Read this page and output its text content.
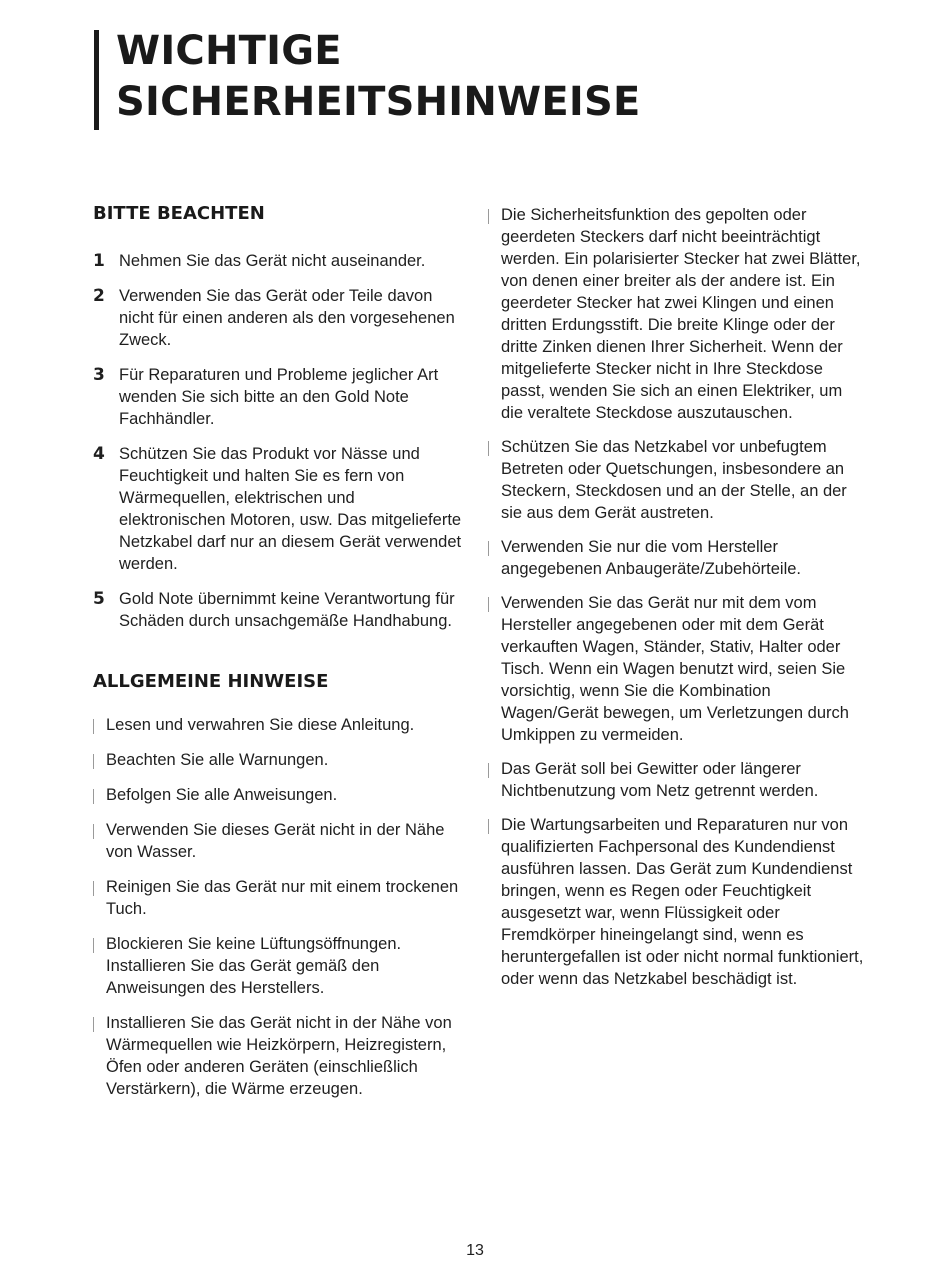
WICHTIGE
SICHERHEITSHINWEISE
BITTE BEACHTEN
1 Nehmen Sie das Gerät nicht auseinander.
2 Verwenden Sie das Gerät oder Teile davon nicht für einen anderen als den vorgesehenen Zweck.
3 Für Reparaturen und Probleme jeglicher Art wenden Sie sich bitte an den Gold Note Fachhändler.
4 Schützen Sie das Produkt vor Nässe und Feuchtigkeit und halten Sie es fern von Wärmequellen, elektrischen und elektronischen Motoren, usw. Das mitgelieferte Netzkabel darf nur an diesem Gerät verwendet werden.
5 Gold Note übernimmt keine Verantwortung für Schäden durch unsachgemäße Handhabung.
ALLGEMEINE HINWEISE
Lesen und verwahren Sie diese Anleitung.
Beachten Sie alle Warnungen.
Befolgen Sie alle Anweisungen.
Verwenden Sie dieses Gerät nicht in der Nähe von Wasser.
Reinigen Sie das Gerät nur mit einem trockenen Tuch.
Blockieren Sie keine Lüftungsöffnungen. Installieren Sie das Gerät gemäß den Anweisungen des Herstellers.
Installieren Sie das Gerät nicht in der Nähe von Wärmequellen wie Heizkörpern, Heizregistern, Öfen oder anderen Geräten (einschließlich Verstärkern), die Wärme erzeugen.
Die Sicherheitsfunktion des gepolten oder geerdeten Steckers darf nicht beeinträchtigt werden. Ein polarisierter Stecker hat zwei Blätter, von denen einer breiter als der andere ist. Ein geerdeter Stecker hat zwei Klingen und einen dritten Erdungsstift. Die breite Klinge oder der dritte Zinken dienen Ihrer Sicherheit. Wenn der mitgelieferte Stecker nicht in Ihre Steckdose passt, wenden Sie sich an einen Elektriker, um die veraltete Steckdose auszutauschen.
Schützen Sie das Netzkabel vor unbefugtem Betreten oder Quetschungen, insbesondere an Steckern, Steckdosen und an der Stelle, an der sie aus dem Gerät austreten.
Verwenden Sie nur die vom Hersteller angegebenen Anbaugeräte/Zubehörteile.
Verwenden Sie das Gerät nur mit dem vom Hersteller angegebenen oder mit dem Gerät verkauften Wagen, Ständer, Stativ, Halter oder Tisch. Wenn ein Wagen benutzt wird, seien Sie vorsichtig, wenn Sie die Kombination Wagen/Gerät bewegen, um Verletzungen durch Umkippen zu vermeiden.
Das Gerät soll bei Gewitter oder längerer Nichtbenutzung vom Netz getrennt werden.
Die Wartungsarbeiten und Reparaturen nur von qualifizierten Fachpersonal des Kundendienst ausführen lassen. Das Gerät zum Kundendienst bringen, wenn es Regen oder Feuchtigkeit ausgesetzt war, wenn Flüssigkeit oder Fremdkörper hineingelangt sind, wenn es heruntergefallen ist oder nicht normal funktioniert, oder wenn das Netzkabel beschädigt ist.
13
